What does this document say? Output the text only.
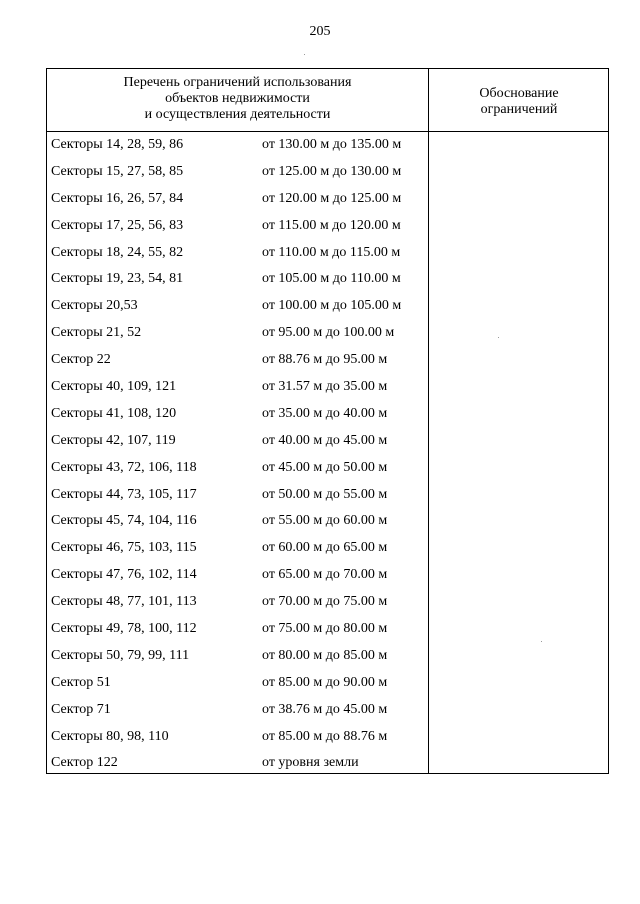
205
Перечень ограничений использования
объектов недвижимости
и осуществления деятельности
Обоснование
ограничений
Секторы 14, 28, 59, 86	от 130.00 м до 135.00 м
Секторы 15, 27, 58, 85	от 125.00 м до 130.00 м
Секторы 16, 26, 57, 84	от 120.00 м до 125.00 м
Секторы 17, 25, 56, 83	от 115.00 м до 120.00 м
Секторы 18, 24, 55, 82	от 110.00 м до 115.00 м
Секторы 19, 23, 54, 81	от 105.00 м до 110.00 м
Секторы 20,53	от 100.00 м до 105.00 м
Секторы 21, 52	от 95.00 м до 100.00 м
Сектор 22	от 88.76 м до 95.00 м
Секторы 40, 109, 121	от 31.57 м до 35.00 м
Секторы 41, 108, 120	от 35.00 м до 40.00 м
Секторы 42, 107, 119	от 40.00 м до 45.00 м
Секторы 43, 72, 106, 118	от 45.00 м до 50.00 м
Секторы 44, 73, 105, 117	от 50.00 м до 55.00 м
Секторы 45, 74, 104, 116	от 55.00 м до 60.00 м
Секторы 46, 75, 103, 115	от 60.00 м до 65.00 м
Секторы 47, 76, 102, 114	от 65.00 м до 70.00 м
Секторы 48, 77, 101, 113	от 70.00 м до 75.00 м
Секторы 49, 78, 100, 112	от 75.00 м до 80.00 м
Секторы 50, 79, 99, 111	от 80.00 м до 85.00 м
Сектор 51	от 85.00 м до 90.00 м
Сектор 71	от 38.76 м до 45.00 м
Секторы 80, 98, 110	от 85.00 м до 88.76 м
Сектор 122	от уровня земли
